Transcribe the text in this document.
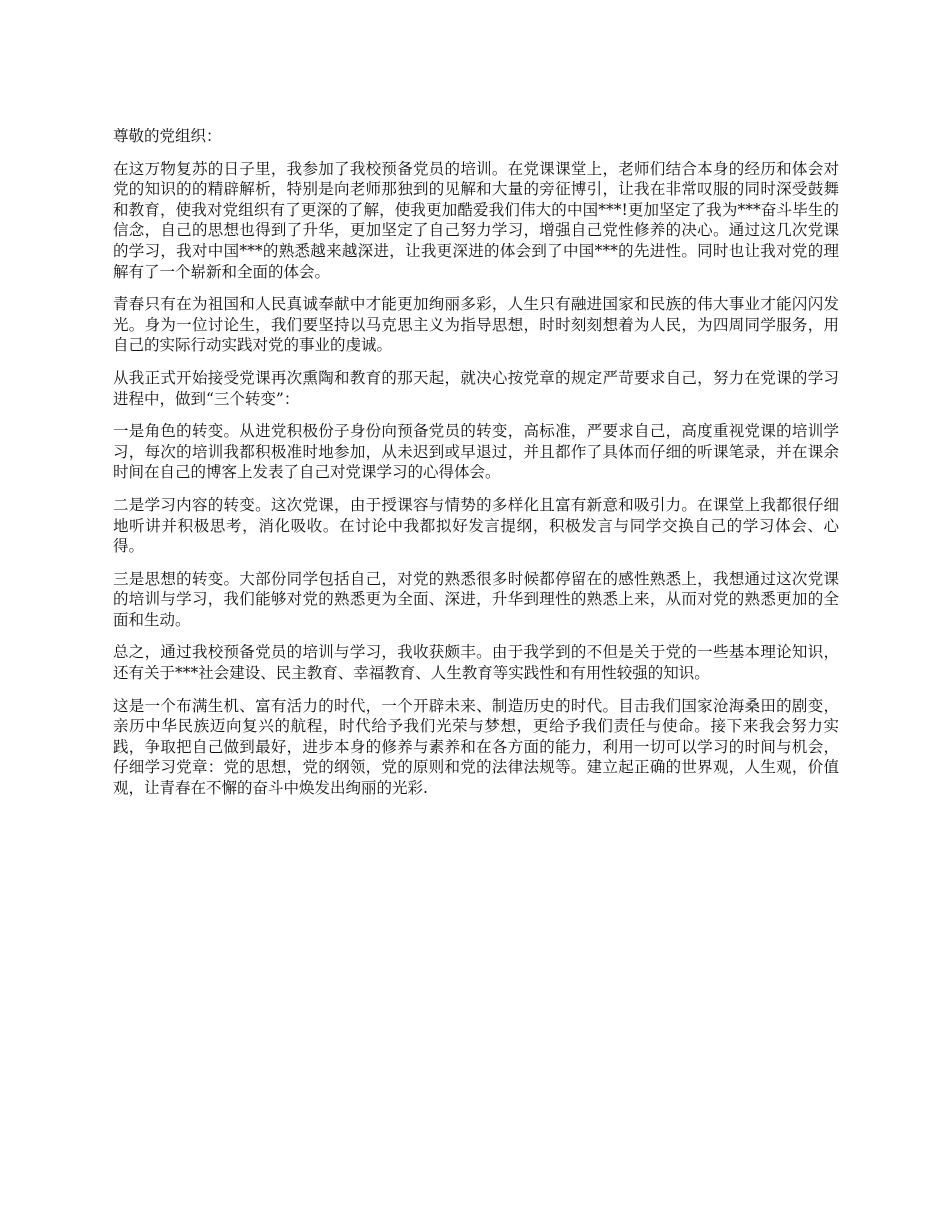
尊敬的党组织：

在这万物复苏的日子里，我参加了我校预备党员的培训。在党课课堂上，老师们结合本身的经历和体会对党的知识的的精辟解析，特别是向老师那独到的见解和大量的旁征博引，让我在非常叹服的同时深受鼓舞和教育，使我对党组织有了更深的了解，使我更加酷爱我们伟大的中国***!更加坚定了我为***奋斗毕生的信念，自己的思想也得到了升华，更加坚定了自己努力学习，增强自己党性修养的决心。通过这几次党课的学习，我对中国***的熟悉越来越深进，让我更深进的体会到了中国***的先进性。同时也让我对党的理解有了一个崭新和全面的体会。

青春只有在为祖国和人民真诚奉献中才能更加绚丽多彩，人生只有融进国家和民族的伟大事业才能闪闪发光。身为一位讨论生，我们要坚持以马克思主义为指导思想，时时刻刻想着为人民，为四周同学服务，用自己的实际行动实践对党的事业的虔诚。

从我正式开始接受党课再次熏陶和教育的那天起，就决心按党章的规定严苛要求自己，努力在党课的学习进程中，做到“三个转变”：

一是角色的转变。从进党积极份子身份向预备党员的转变，高标准，严要求自己，高度重视党课的培训学习，每次的培训我都积极准时地参加，从未迟到或早退过，并且都作了具体而仔细的听课笔录，并在课余时间在自己的博客上发表了自己对党课学习的心得体会。

二是学习内容的转变。这次党课，由于授课容与情势的多样化且富有新意和吸引力。在课堂上我都很仔细地听讲并积极思考，消化吸收。在讨论中我都拟好发言提纲，积极发言与同学交换自己的学习体会、心得。

三是思想的转变。大部份同学包括自己，对党的熟悉很多时候都停留在的感性熟悉上，我想通过这次党课的培训与学习，我们能够对党的熟悉更为全面、深进，升华到理性的熟悉上来，从而对党的熟悉更加的全面和生动。

总之，通过我校预备党员的培训与学习，我收获颇丰。由于我学到的不但是关于党的一些基本理论知识，还有关于***社会建设、民主教育、幸福教育、人生教育等实践性和有用性较强的知识。

这是一个布满生机、富有活力的时代，一个开辟未来、制造历史的时代。目击我们国家沧海桑田的剧变，亲历中华民族迈向复兴的航程，时代给予我们光荣与梦想，更给予我们责任与使命。接下来我会努力实践，争取把自己做到最好，进步本身的修养与素养和在各方面的能力，利用一切可以学习的时间与机会，仔细学习党章：党的思想，党的纲领，党的原则和党的法律法规等。建立起正确的世界观，人生观，价值观，让青春在不懈的奋斗中焕发出绚丽的光彩.
